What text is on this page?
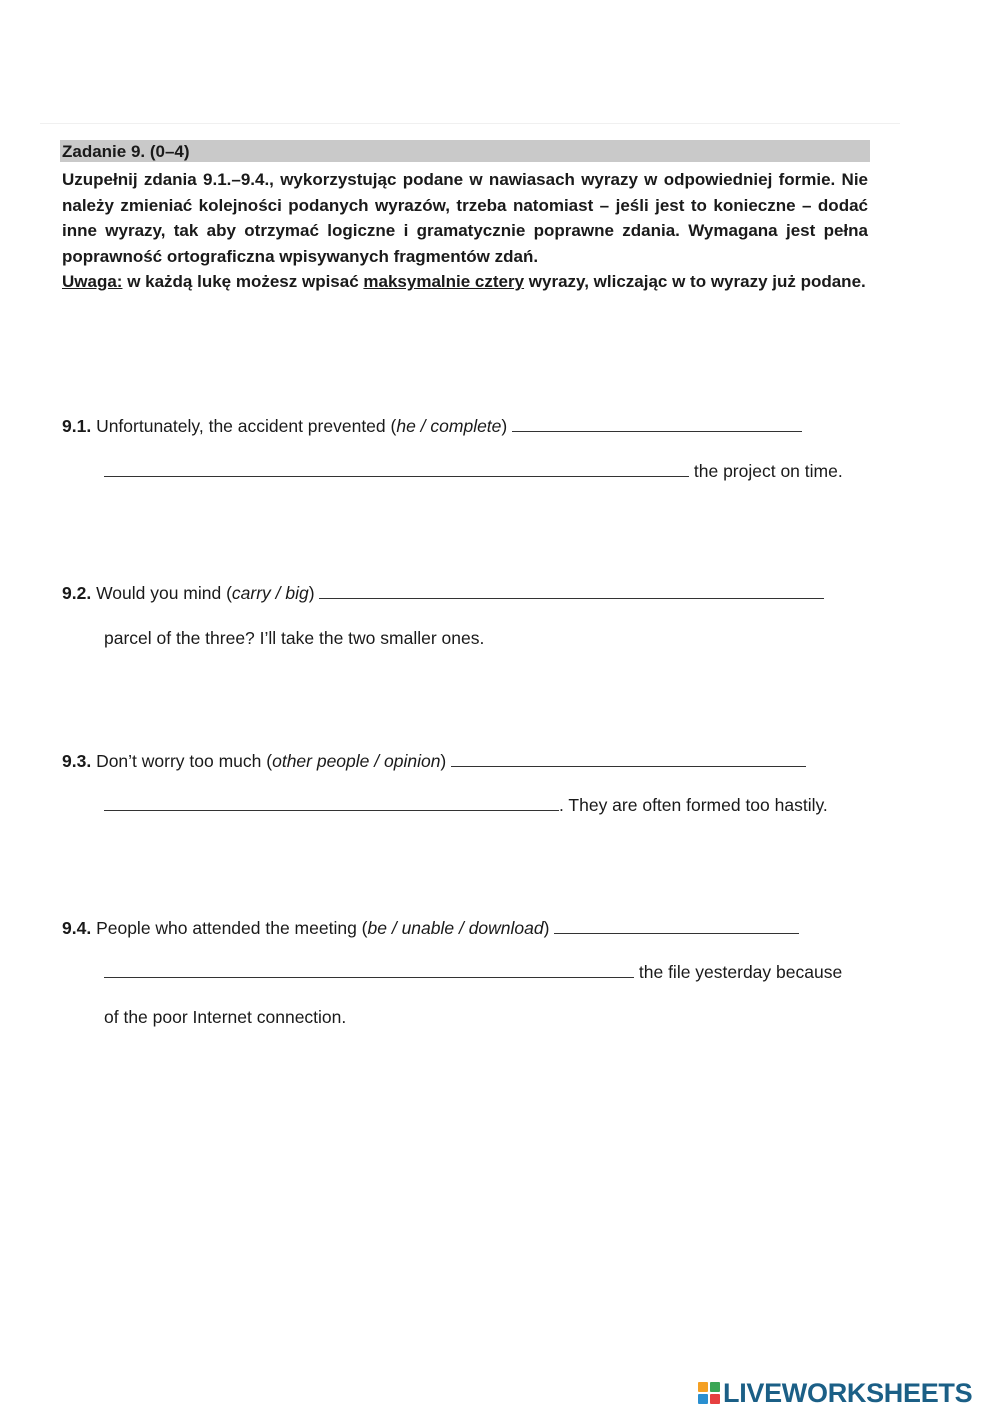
Zadanie 9. (0–4)

Uzupełnij zdania 9.1.–9.4., wykorzystując podane w nawiasach wyrazy w odpowiedniej formie. Nie należy zmieniać kolejności podanych wyrazów, trzeba natomiast – jeśli jest to konieczne – dodać inne wyrazy, tak aby otrzymać logiczne i gramatycznie poprawne zdania. Wymagana jest pełna poprawność ortograficzna wpisywanych fragmentów zdań.

Uwaga: w każdą lukę możesz wpisać maksymalnie cztery wyrazy, wliczając w to wyrazy już podane.

9.1. Unfortunately, the accident prevented (he / complete)
the project on time.
9.2. Would you mind (carry / big)
parcel of the three? I’ll take the two smaller ones.
9.3. Don’t worry too much (other people / opinion)
. They are often formed too hastily.
9.4. People who attended the meeting (be / unable / download)
the file yesterday because
of the poor Internet connection.
LIVEWORKSHEETS
